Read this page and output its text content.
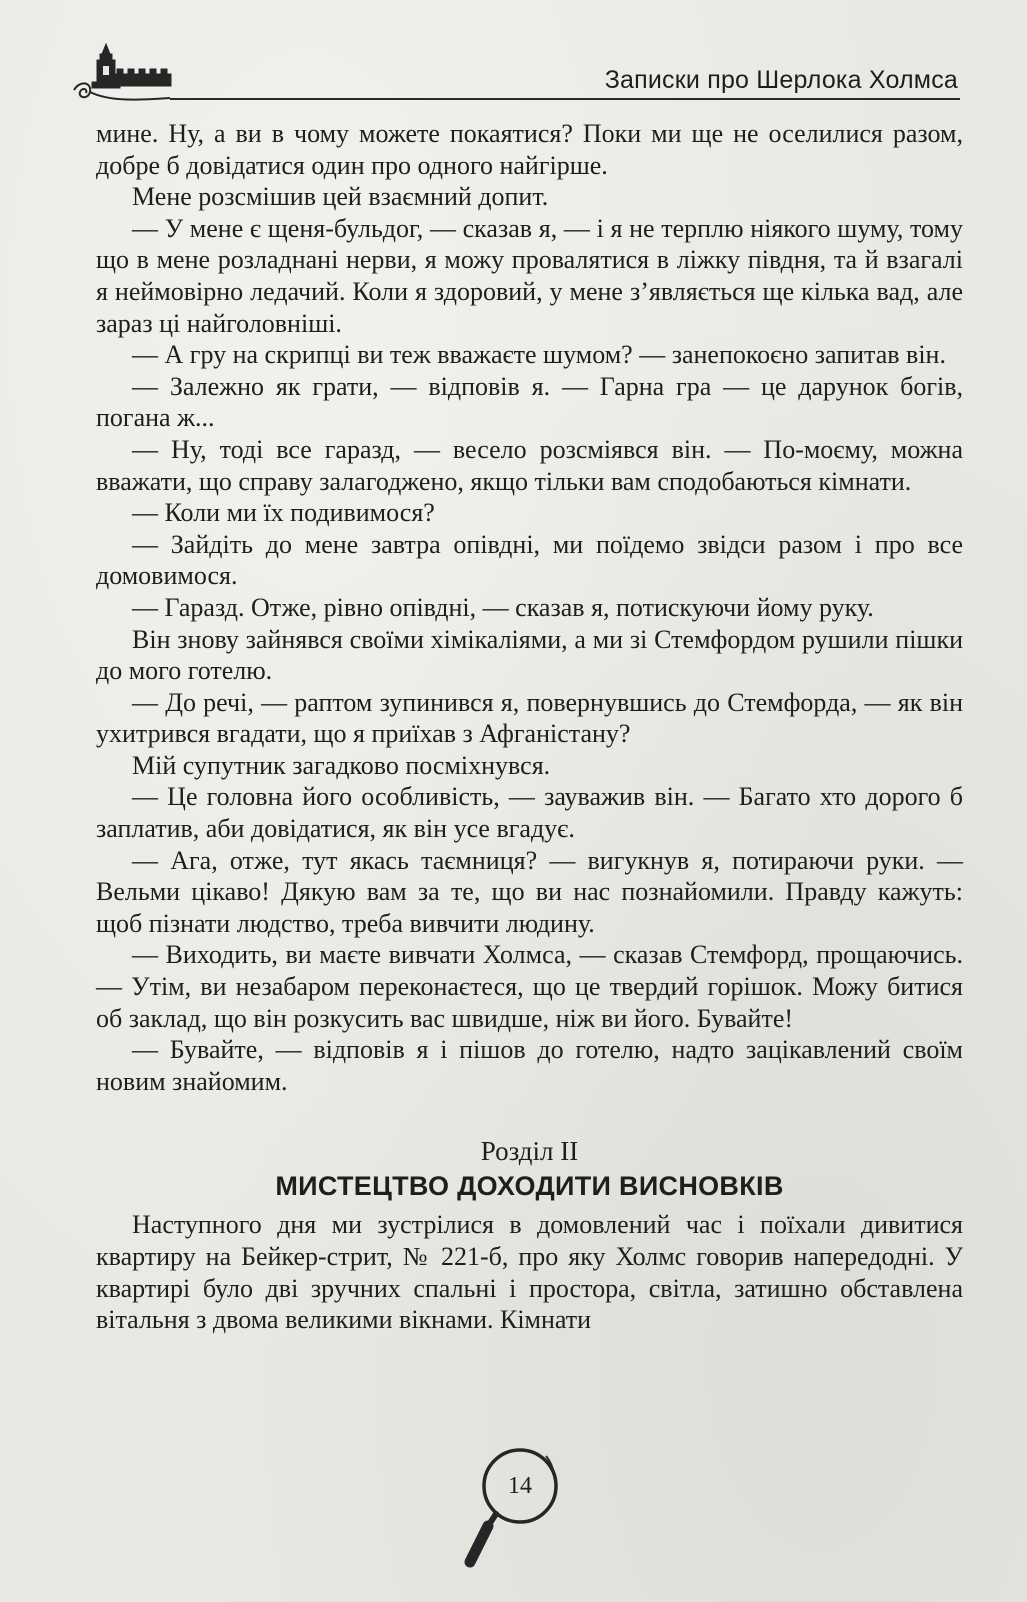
Записки про Шерлока Холмса

мине. Ну, а ви в чому можете покаятися? Поки ми ще не оселилися разом, добре б довідатися один про одного найгірше.

Мене розсмішив цей взаємний допит.

— У мене є щеня-бульдог, — сказав я, — і я не терплю ніякого шуму, тому що в мене розладнані нерви, я можу провалятися в ліжку півдня, та й взагалі я неймовірно ледачий. Коли я здоровий, у мене з’являється ще кілька вад, але зараз ці найголовніші.

— А гру на скрипці ви теж вважаєте шумом? — занепокоєно запитав він.

— Залежно як грати, — відповів я. — Гарна гра — це дарунок богів, погана ж...

— Ну, тоді все гаразд, — весело розсміявся він. — По-моєму, можна вважати, що справу залагоджено, якщо тільки вам сподобаються кімнати.

— Коли ми їх подивимося?

— Зайдіть до мене завтра опівдні, ми поїдемо звідси разом і про все домовимося.

— Гаразд. Отже, рівно опівдні, — сказав я, потискуючи йому руку.

Він знову зайнявся своїми хімікаліями, а ми зі Стемфордом рушили пішки до мого готелю.

— До речі, — раптом зупинився я, повернувшись до Стемфорда, — як він ухитрився вгадати, що я приїхав з Афганістану?

Мій супутник загадково посміхнувся.

— Це головна його особливість, — зауважив він. — Багато хто дорого б заплатив, аби довідатися, як він усе вгадує.

— Ага, отже, тут якась таємниця? — вигукнув я, потираючи руки. — Вельми цікаво! Дякую вам за те, що ви нас познайомили. Правду кажуть: щоб пізнати людство, треба вивчити людину.

— Виходить, ви маєте вивчати Холмса, — сказав Стемфорд, прощаючись. — Утім, ви незабаром переконаєтеся, що це твердий горішок. Можу битися об заклад, що він розкусить вас швидше, ніж ви його. Бувайте!

— Бувайте, — відповів я і пішов до готелю, надто зацікавлений своїм новим знайомим.

Розділ II
МИСТЕЦТВО ДОХОДИТИ ВИСНОВКІВ

Наступного дня ми зустрілися в домовлений час і поїхали дивитися квартиру на Бейкер-стрит, № 221-б, про яку Холмс говорив напередодні. У квартирі було дві зручних спальні і простора, світла, затишно обставлена вітальня з двома великими вікнами. Кімнати

14
